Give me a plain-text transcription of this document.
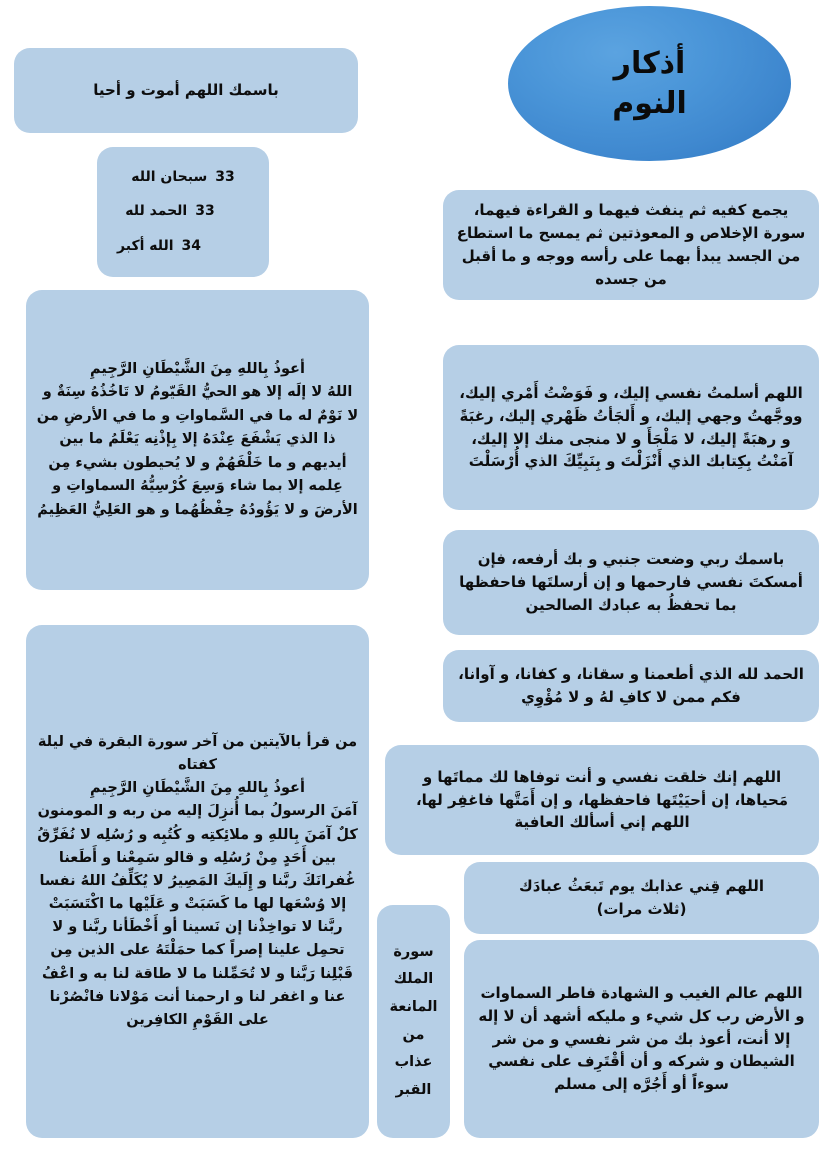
أذكار
النوم

باسمك اللهم أموت و أحيا

33
سبحان الله
33
الحمد لله
34
الله أكبر

أعوذُ بِاللهِ مِنَ الشَّيْطَانِ الرَّجِيمِ

اللهُ لا إلَه إلا هو الحيُّ القَيّومُ لا تَاخُذُهُ سِنَةٌ و لا نَوْمٌ له ما في السَّماواتِ و ما في الأرضِ من ذا الذي يَشْفَعَ عِنْدَهُ إلا بِإذْنِه يَعْلَمُ ما بين أيديهم و ما خَلْفَهُمْ و لا يُحيطون بشيء مِن عِلمه إلا بما شاء وَسِعَ كُرْسِيُّهُ السماواتِ و الأرضَ و لا يَؤُودُهُ حِفْظُهُما و هو العَلِيُّ العَظِيمُ

من قرأ بالآيتين من آخر سورة البقرة في ليلة كفتاه

أعوذُ بِاللهِ مِنَ الشَّيْطَانِ الرَّجِيمِ

آمَنَ الرسولُ بما أُنزِلَ إليه من ربه و المومنون كلٌ آمَنَ بِاللهِ و ملائِكتِه و كُتُبِه و رُسُلِه لا نُفَرِّقُ بين أَحَدٍ مِنْ رُسُلِه و قالو سَمِعْنا و أَطَعنا غُفرانَكَ ربَّنا و إِلَيكَ المَصِيرُ لا يُكَلِّفُ اللهُ نفسا إلا وُسْعَها لها ما كَسَبَتْ و عَلَيْها ما اكْتَسَبَتْ ربَّنا لا تواخِذْنا إن نَسينا أو أَخْطَأنا ربَّنا و لا تحمِل علينا إصراً كما حمَلْتَهُ على الذين مِن قَبْلِنا رَبَّنا و لا تُحَمِّلنا ما لا طاقة لنا به و اعْفُ عنا و اغفر لنا و ارحمنا أنت مَوْلانا فانْصُرْنا على القَوْمِ الكافِرين

يجمع كفيه ثم ينفث فيهما و القراءة فيهما، سورة الإخلاص و المعوذتين ثم يمسح ما استطاع من الجسد يبدأ بهما على رأسه ووجه و ما أقبل من جسده

اللهم أسلمتُ نفسي إليك، و فَوَضْتُ أَمْري إليك، ووجَّهتُ وجهي إليك، و أَلجَأتُ ظَهْري إليك، رغبَةً و رهبَةً إليك، لا مَلْجَأَ و لا منجى منك إلا إليك، آمَنْتُ بِكِتابك الذي أَنْزَلْتَ و بِنَبِيِّكَ الذي أُرْسَلْتَ

باسمك ربي وضعت جنبي و بك أرفعه، فإن أمسكتَ نفسي فارحمها و إن أرسلتَها فاحفظها بما تحفظُ به عبادك الصالحين

الحمد لله الذي أطعمنا و سقانا، و كفانا، و آوانا، فكم ممن لا كافِ لهُ و لا مُؤْوِي

اللهم إنك خلقت نفسي و أنت توفاها لك مماتَها و مَحياها، إن أحيَيْتَها فاحفظها، و إن أَمَتَّها فاغفِر لها، اللهم إني أسألك العافية

اللهم قِني عذابك يوم تَبعَثُ عبادَك

(ثلاث مرات)

اللهم عالم الغيب و الشهادة فاطر السماوات و الأرض رب كل شيء و مليكه أشهد أن لا إله إلا أنت، أعوذ بك من شر نفسي و من شر الشيطان و شركه و أن أقْتَرِف على نفسي سوءاً أو أَجُرَّه إلى مسلم

سورة

الملك

المانعة

من

عذاب

القبر
